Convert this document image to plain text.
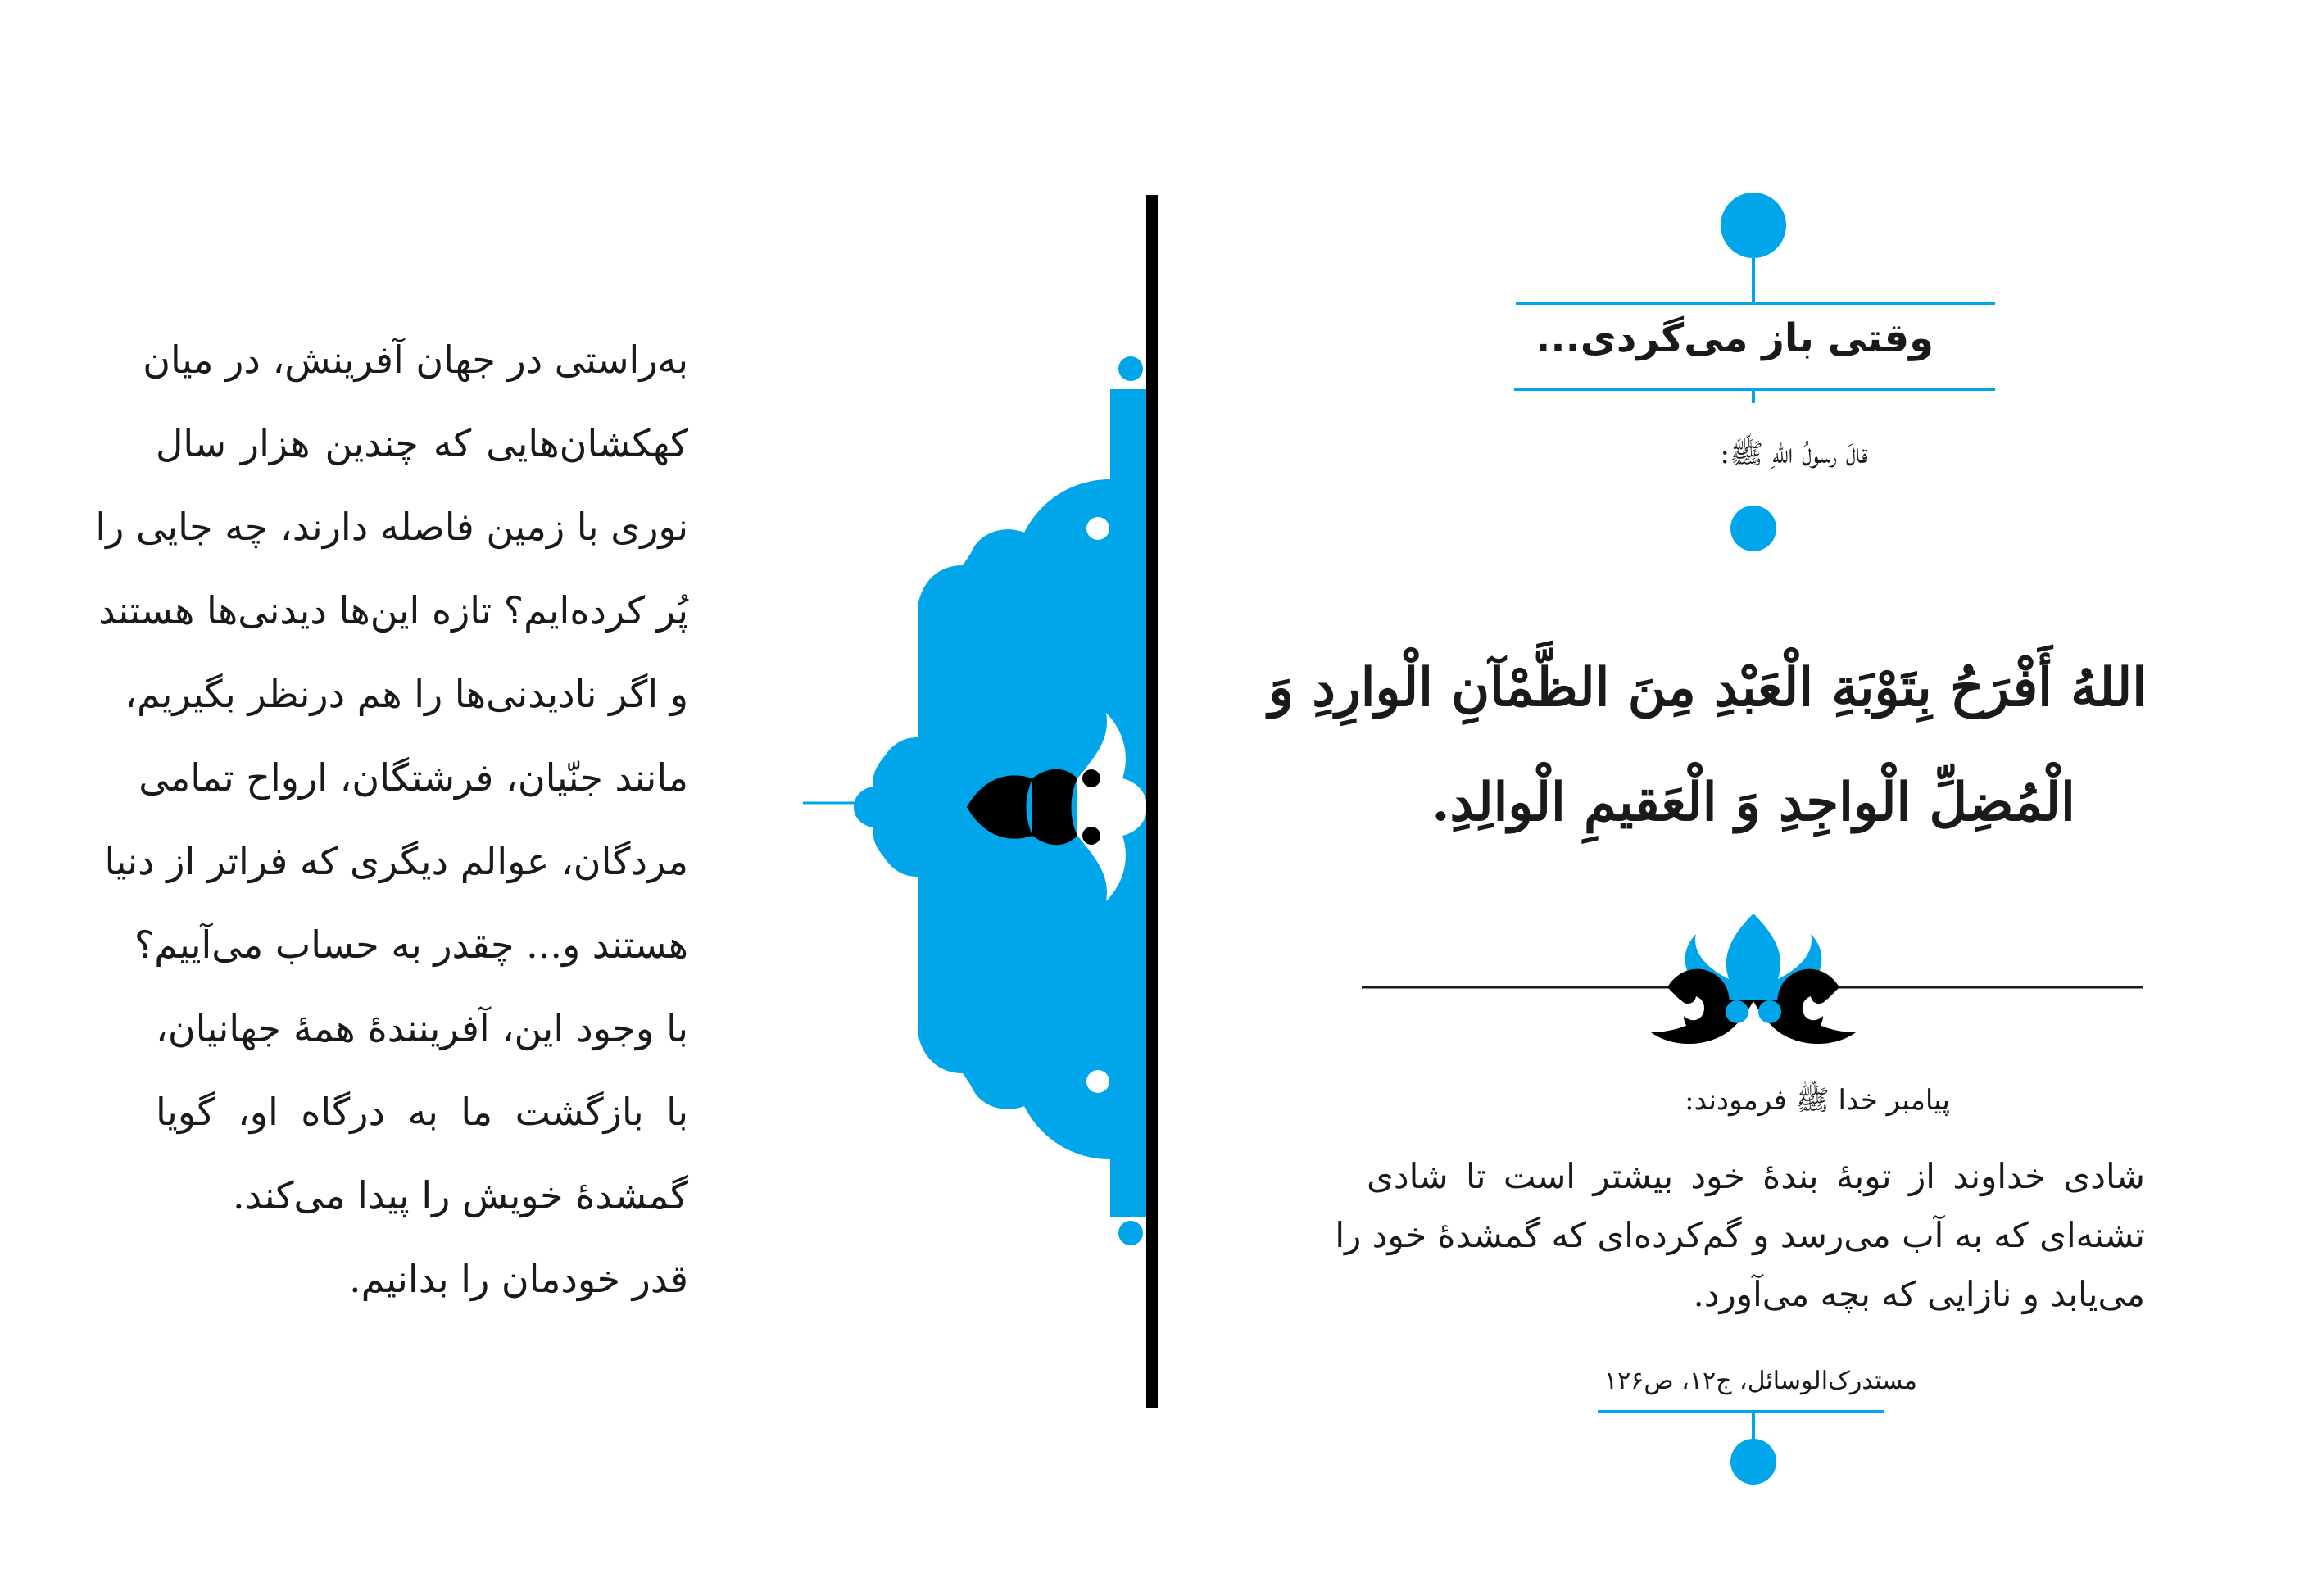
به‌راستی در جهان آفرینش، در میان
کهکشان‌هایی که چندین هزار سال
نوری با زمین فاصله دارند، چه جایی را
پُر کرده‌ایم؟ تازه این‌ها دیدنی‌ها هستند
و اگر نادیدنی‌ها را هم درنظر بگیریم،
مانند جنّیان، فرشتگان، ارواح تمامی
مردگان، عوالم دیگری که فراتر از دنیا
هستند و... چقدر به حساب می‌آییم؟
با وجود این، آفرینندۀ همۀ جهانیان،
با بازگشت ما به درگاه او، گویا
گمشدۀ خویش را پیدا می‌کند.
قدر خودمان را بدانیم.
وقتی باز می‌گردی...

قالَ رسولُ اللهِ ﷺ:

اللهُ أَفْرَحُ بِتَوْبَةِ الْعَبْدِ مِنَ الظَّمْآنِ الْوارِدِ وَ
الْمُضِلِّ الْواجِدِ وَ الْعَقیمِ الْوالِدِ.

پیامبر خدا ﷺ فرمودند:

شادی خداوند از توبۀ بندۀ خود بیشتر است تا شادی
تشنه‌ای که به آب می‌رسد و گم‌کرده‌ای که گمشدۀ خود را
می‌یابد و نازایی که بچه می‌آورد.

مستدرک‌الوسائل، ج۱۲، ص۱۲۶
